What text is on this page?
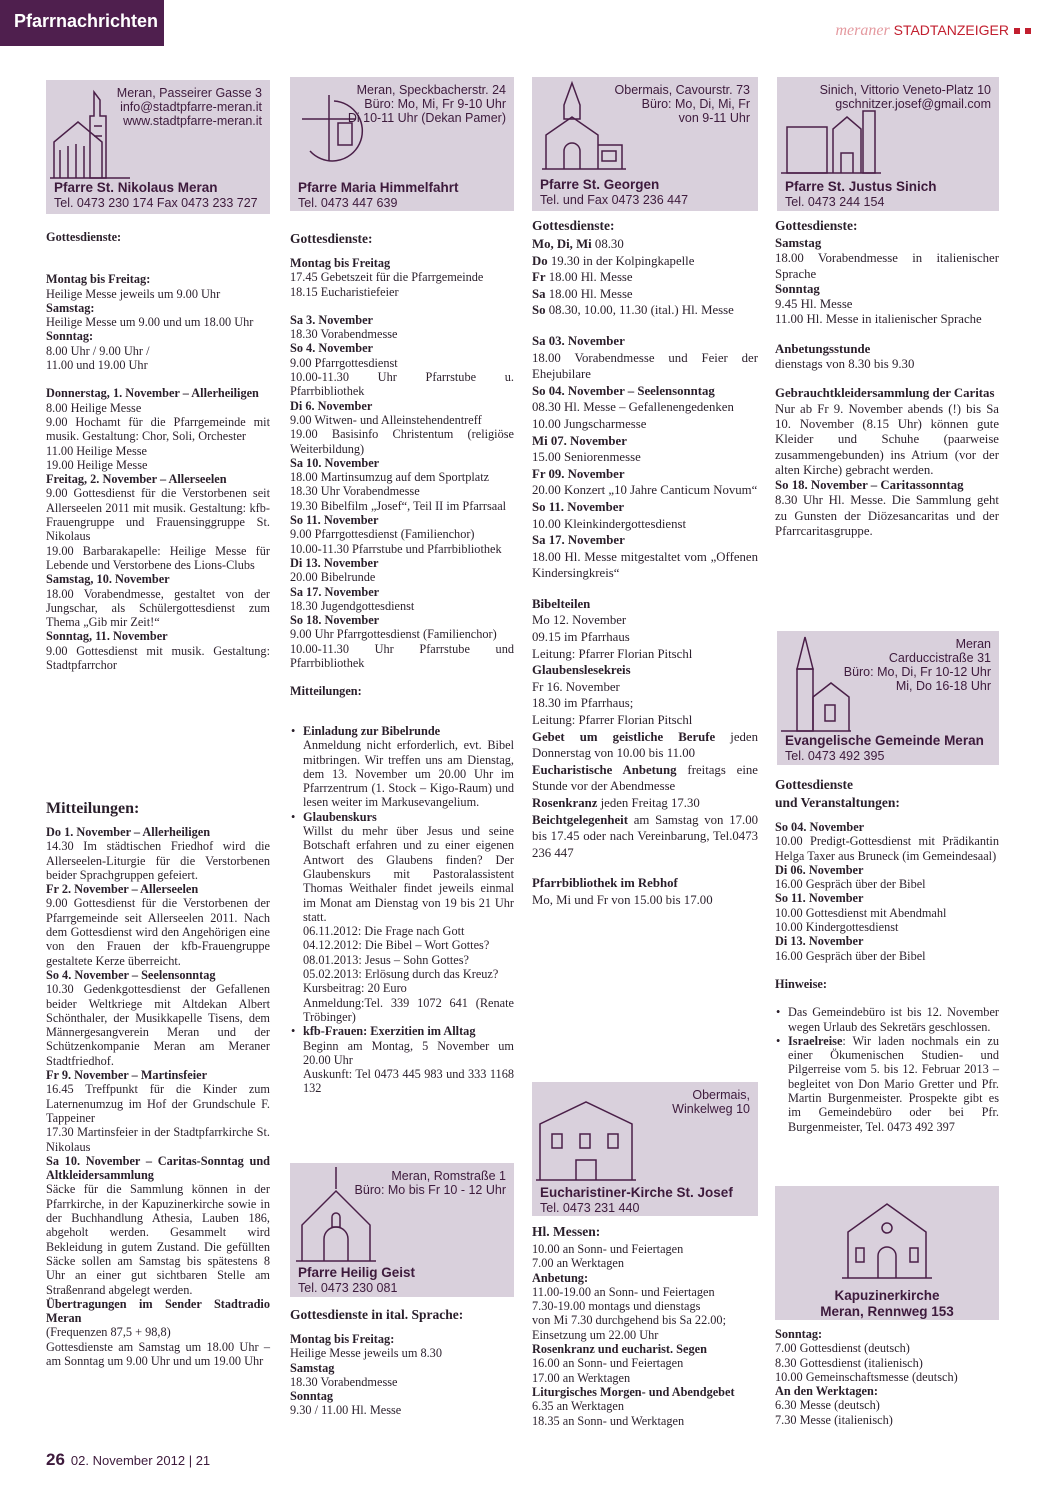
Pfarrnachrichten	meraner STADTANZEIGER
Meran, Passeirer Gasse 3
info@stadtpfarre-meran.it
www.stadtpfarre-meran.it
Pfarre St. Nikolaus Meran
Tel. 0473 230 174 Fax 0473 233 727
Meran, Speckbacherstr. 24
Büro: Mo, Mi, Fr 9-10 Uhr
Di 10-11 Uhr (Dekan Pamer)
Pfarre Maria Himmelfahrt
Tel. 0473 447 639
Obermais, Cavourstr. 73
Büro: Mo, Di, Mi, Fr
von 9-11 Uhr
Pfarre St. Georgen
Tel. und Fax 0473 236 447
Sinich, Vittorio Veneto-Platz 10
gschnitzer.josef@gmail.com
Pfarre St. Justus Sinich
Tel. 0473 244 154

Gottesdienste:

Montag bis Freitag:

Heilige Messe jeweils um 9.00 Uhr

Samstag:

Heilige Messe um 9.00 und um 18.00 Uhr

Sonntag:

8.00 Uhr / 9.00 Uhr /

11.00 und 19.00 Uhr

Donnerstag, 1. November – Allerheiligen

8.00 Heilige Messe

9.00 Hochamt für die Pfarrgemeinde mit musik. Gestaltung: Chor, Soli, Orchester

11.00 Heilige Messe

19.00 Heilige Messe

Freitag, 2. November – Allerseelen

9.00 Gottesdienst für die Verstorbenen seit Allerseelen 2011 mit musik. Gestaltung: kfb-Frauengruppe und Frauensinggruppe St. Nikolaus

19.00 Barbarakapelle: Heilige Messe für Lebende und Verstorbene des Lions-Clubs

Samstag, 10. November

18.00 Vorabendmesse, gestaltet von der Jungschar, als Schülergottesdienst zum Thema „Gib mir Zeit!“

Sonntag, 11. November

9.00 Gottesdienst mit musik. Gestaltung: Stadtpfarrchor

Mitteilungen:

Do 1. November – Allerheiligen

14.30 Im städtischen Friedhof wird die Allerseelen-Liturgie für die Verstorbenen beider Sprachgruppen gefeiert.

Fr 2. November – Allerseelen

9.00 Gottesdienst für die Verstorbenen der Pfarrgemeinde seit Allerseelen 2011. Nach dem Gottesdienst wird den Angehörigen eine von den Frauen der kfb-Frauengruppe gestaltete Kerze überreicht.

So 4. November – Seelensonntag

10.30 Gedenkgottesdienst der Gefallenen beider Weltkriege mit Altdekan Albert Schönthaler, der Musikkapelle Tisens, dem Männergesangverein Meran und der Schützenkompanie Meran am Meraner Stadtfriedhof.

Fr 9. November – Martinsfeier

16.45 Treffpunkt für die Kinder zum Laternenumzug im Hof der Grundschule F. Tappeiner

17.30 Martinsfeier in der Stadtpfarrkirche St. Nikolaus

Sa 10. November – Caritas-Sonntag und Altkleidersammlung

Säcke für die Sammlung können in der Pfarrkirche, in der Kapuzinerkirche sowie in der Buchhandlung Athesia, Lauben 186, abgeholt werden. Gesammelt wird Bekleidung in gutem Zustand. Die gefüllten Säcke sollen am Samstag bis spätestens 8 Uhr an einer gut sichtbaren Stelle am Straßenrand abgelegt werden.

Übertragungen im Sender Stadtradio Meran

(Frequenzen 87,5 + 98,8)

Gottesdienste am Samstag um 18.00 Uhr – am Sonntag um 9.00 Uhr und um 19.00 Uhr

Gottesdienste:

Montag bis Freitag

17.45 Gebetszeit für die Pfarrgemeinde

18.15 Eucharistiefeier

Sa 3. November

18.30 Vorabendmesse

So 4. November

9.00 Pfarrgottesdienst

10.00-11.30 Uhr Pfarrstube u. Pfarrbibliothek

Di 6. November

9.00 Witwen- und Alleinstehendentreff

19.00 Basisinfo Christentum (religiöse Weiterbildung)

Sa 10. November

18.00 Martinsumzug auf dem Sportplatz

18.30 Uhr Vorabendmesse

19.30 Bibelfilm „Josef“, Teil II im Pfarrsaal

So 11. November

9.00 Pfarrgottesdienst (Familienchor)

10.00-11.30 Pfarrstube und Pfarrbibliothek

Di 13. November

20.00 Bibelrunde

Sa 17. November

18.30 Jugendgottesdienst

So 18. November

9.00 Uhr Pfarrgottesdienst (Familienchor)

10.00-11.30 Uhr Pfarrstube und Pfarrbibliothek

Mitteilungen:

• Einladung zur Bibelrunde
Anmeldung nicht erforderlich, evt. Bibel mitbringen. Wir treffen uns am Dienstag, dem 13. November um 20.00 Uhr im Pfarrzentrum (1. Stock – Kigo-Raum) und lesen weiter im Markusevangelium.

• Glaubenskurs
Willst du mehr über Jesus und seine Botschaft erfahren und zu einer eigenen Antwort des Glaubens finden? Der Glaubenskurs mit Pastoralassistent Thomas Weithaler findet jeweils einmal im Monat am Dienstag von 19 bis 21 Uhr statt.

06.11.2012: Die Frage nach Gott

04.12.2012: Die Bibel – Wort Gottes?

08.01.2013: Jesus – Sohn Gottes?

05.02.2013: Erlösung durch das Kreuz?

Kursbeitrag: 20 Euro

Anmeldung:Tel. 339 1072 641 (Renate Tröbinger)

• kfb-Frauen: Exerzitien im Alltag
Beginn am Montag, 5 November um 20.00 Uhr

Auskunft: Tel 0473 445 983 und 333 1168 132

Meran, Romstraße 1
Büro: Mo bis Fr 10 - 12 Uhr
Pfarre Heilig Geist
Tel. 0473 230 081
Gottesdienste in ital. Sprache:

Montag bis Freitag:

Heilige Messe jeweils um 8.30

Samstag

18.30 Vorabendmesse

Sonntag

9.30 / 11.00 Hl. Messe

Gottesdienste:

Mo, Di, Mi 08.30

Do 19.30 in der Kolpingkapelle

Fr 18.00 Hl. Messe

Sa 18.00 Hl. Messe

So 08.30, 10.00, 11.30 (ital.) Hl. Messe

Sa 03. November

18.00 Vorabendmesse und Feier der Ehejubilare

So 04. November – Seelensonntag

08.30 Hl. Messe – Gefallenengedenken

10.00 Jungscharmesse

Mi 07. November

15.00 Seniorenmesse

Fr 09. November

20.00 Konzert „10 Jahre Canticum Novum“

So 11. November

10.00 Kleinkindergottesdienst

Sa 17. November

18.00 Hl. Messe mitgestaltet vom „Offenen Kindersingkreis“

Bibelteilen

Mo 12. November

09.15 im Pfarrhaus

Leitung: Pfarrer Florian Pitschl

Glaubenslesekreis

Fr 16. November

18.30 im Pfarrhaus;

Leitung: Pfarrer Florian Pitschl

Gebet um geistliche Berufe jeden Donnerstag von 10.00 bis 11.00

Eucharistische Anbetung freitags eine Stunde vor der Abendmesse

Rosenkranz jeden Freitag 17.30

Beichtgelegenheit am Samstag von 17.00 bis 17.45 oder nach Vereinbarung, Tel.0473 236 447

Pfarrbibliothek im Rebhof

Mo, Mi und Fr von 15.00 bis 17.00

Obermais,
Winkelweg 10
Eucharistiner-Kirche St. Josef
Tel. 0473 231 440
Hl. Messen:

10.00 an Sonn- und Feiertagen

7.00 an Werktagen

Anbetung:

11.00-19.00 an Sonn- und Feiertagen

7.30-19.00 montags und dienstags

von Mi 7.30 durchgehend bis Sa 22.00; Einsetzung um 22.00 Uhr

Rosenkranz und eucharist. Segen

16.00 an Sonn- und Feiertagen

17.00 an Werktagen

Liturgisches Morgen- und Abendgebet

6.35 an Werktagen

18.35 an Sonn- und Werktagen

Gottesdienste:

Samstag

18.00 Vorabendmesse in italienischer Sprache

Sonntag

9.45 Hl. Messe

11.00 Hl. Messe in italienischer Sprache

Anbetungsstunde

dienstags von 8.30 bis 9.30

Gebrauchtkleidersammlung der Caritas

Nur ab Fr 9. November abends (!) bis Sa 10. November (8.15 Uhr) können gute Kleider und Schuhe (paarweise zusammengebunden) ins Atrium (vor der alten Kirche) gebracht werden.

So 18. November – Caritassonntag

8.30 Uhr Hl. Messe. Die Sammlung geht zu Gunsten der Diözesancaritas und der Pfarrcaritasgruppe.

Meran
Carduccistraße 31
Büro: Mo, Di, Fr 10-12 Uhr
Mi, Do 16-18 Uhr
Evangelische Gemeinde Meran
Tel. 0473 492 395
Gottesdienste
und Veranstaltungen:

So 04. November

10.00 Predigt-Gottesdienst mit Prädikantin Helga Taxer aus Bruneck (im Gemeindesaal)

Di 06. November

16.00 Gespräch über der Bibel

So 11. November

10.00 Gottesdienst mit Abendmahl

10.00 Kindergottesdienst

Di 13. November

16.00 Gespräch über der Bibel

Hinweise:

• Das Gemeindebüro ist bis 12. November wegen Urlaub des Sekretärs geschlossen.

• Israelreise: Wir laden nochmals ein zu einer Ökumenischen Studien- und Pilgerreise vom 5. bis 12. Februar 2013 – begleitet von Don Mario Gretter und Pfr. Martin Burgenmeister. Prospekte gibt es im Gemeindebüro oder bei Pfr. Burgenmeister, Tel. 0473 492 397

Kapuzinerkirche
Meran, Rennweg 153

Sonntag:

7.00 Gottesdienst (deutsch)

8.30 Gottesdienst (italienisch)

10.00 Gemeinschaftsmesse (deutsch)

An den Werktagen:

6.30 Messe (deutsch)

7.30 Messe (italienisch)

26 02. November 2012 | 21
